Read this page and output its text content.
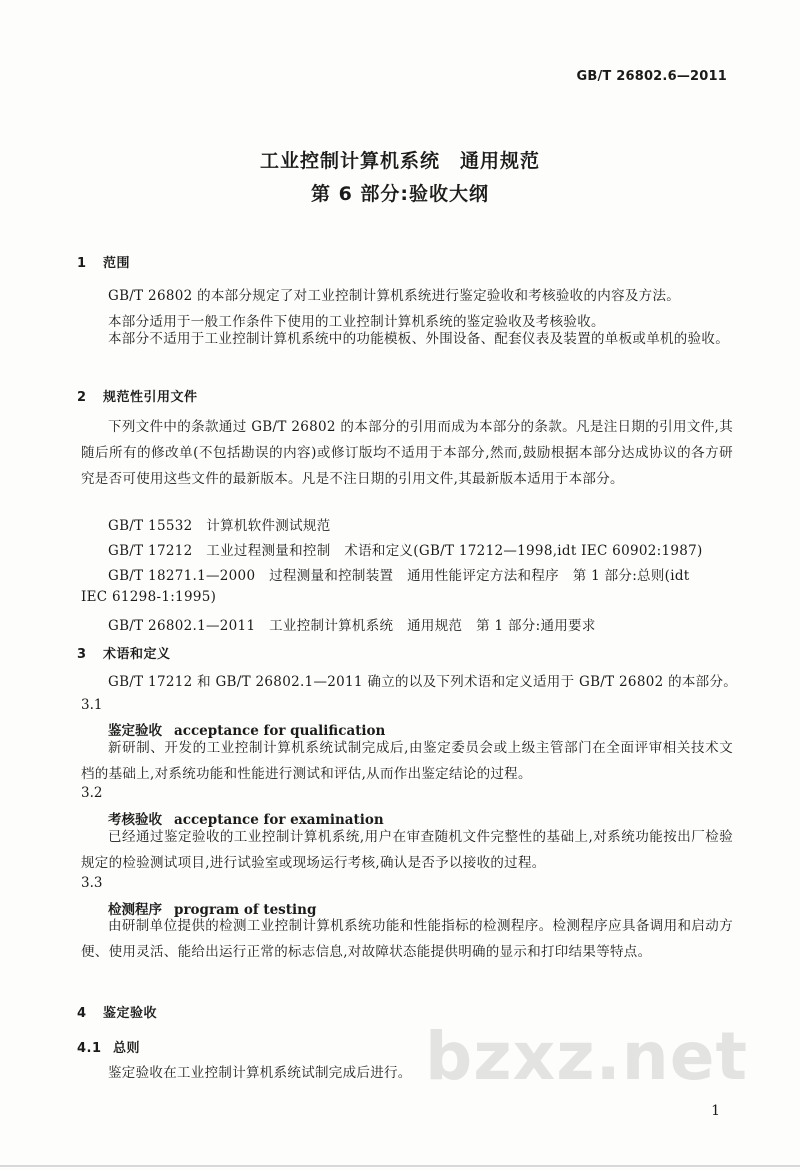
GB/T 26802.6—2011
工业控制计算机系统　通用规范
第 6 部分:验收大纲
1 范围
GB/T 26802 的本部分规定了对工业控制计算机系统进行鉴定验收和考核验收的内容及方法。
本部分适用于一般工作条件下使用的工业控制计算机系统的鉴定验收及考核验收。
本部分不适用于工业控制计算机系统中的功能模板、外围设备、配套仪表及装置的单板或单机的验收。
2 规范性引用文件
下列文件中的条款通过 GB/T 26802 的本部分的引用而成为本部分的条款。凡是注日期的引用文件,其随后所有的修改单(不包括勘误的内容)或修订版均不适用于本部分,然而,鼓励根据本部分达成协议的各方研究是否可使用这些文件的最新版本。凡是不注日期的引用文件,其最新版本适用于本部分。
GB/T 15532　计算机软件测试规范
GB/T 17212　工业过程测量和控制　术语和定义(GB/T 17212—1998,idt IEC 60902:1987)
GB/T 18271.1—2000　过程测量和控制装置　通用性能评定方法和程序　第 1 部分:总则(idt
IEC 61298-1:1995)
GB/T 26802.1—2011　工业控制计算机系统　通用规范　第 1 部分:通用要求
3 术语和定义
GB/T 17212 和 GB/T 26802.1—2011 确立的以及下列术语和定义适用于 GB/T 26802 的本部分。
3.1
鉴定验收 acceptance for qualification
新研制、开发的工业控制计算机系统试制完成后,由鉴定委员会或上级主管部门在全面评审相关技术文档的基础上,对系统功能和性能进行测试和评估,从而作出鉴定结论的过程。
3.2
考核验收 acceptance for examination
已经通过鉴定验收的工业控制计算机系统,用户在审查随机文件完整性的基础上,对系统功能按出厂检验规定的检验测试项目,进行试验室或现场运行考核,确认是否予以接收的过程。
3.3
检测程序 program of testing
由研制单位提供的检测工业控制计算机系统功能和性能指标的检测程序。检测程序应具备调用和启动方便、使用灵活、能给出运行正常的标志信息,对故障状态能提供明确的显示和打印结果等特点。
4 鉴定验收
4.1 总则
鉴定验收在工业控制计算机系统试制完成后进行。 bzxz.net
1
